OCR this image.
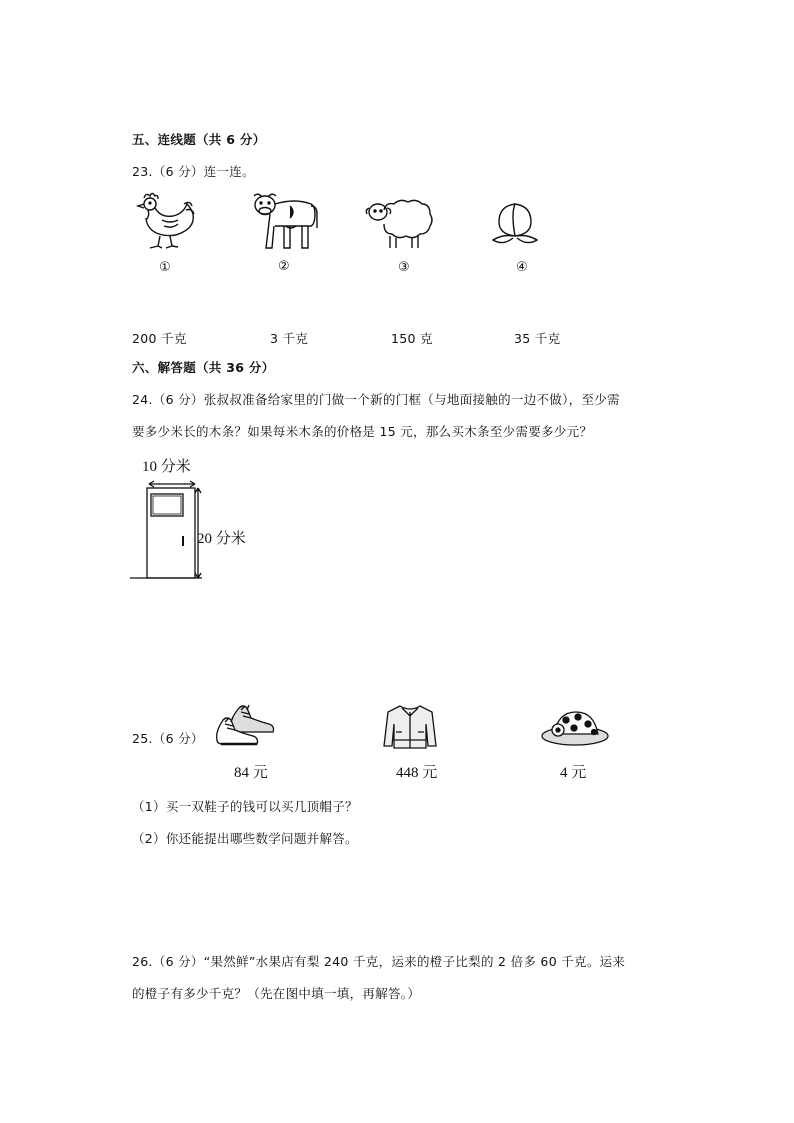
五、连线题（共 6 分）
23.（6 分）连一连。
①	②	③	④
200 千克	3 千克	150 克	35 千克
六、解答题（共 36 分）
24.（6 分）张叔叔准备给家里的门做一个新的门框（与地面接触的一边不做），至少需
要多少米长的木条？如果每米木条的价格是 15 元，那么买木条至少需要多少元？
10 分米
20 分米
25.（6 分）
84 元	448 元	4 元
（1）买一双鞋子的钱可以买几顶帽子？
（2）你还能提出哪些数学问题并解答。
26.（6 分）“果然鲜”水果店有梨 240 千克，运来的橙子比梨的 2 倍多 60 千克。运来
的橙子有多少千克？（先在图中填一填，再解答。）
